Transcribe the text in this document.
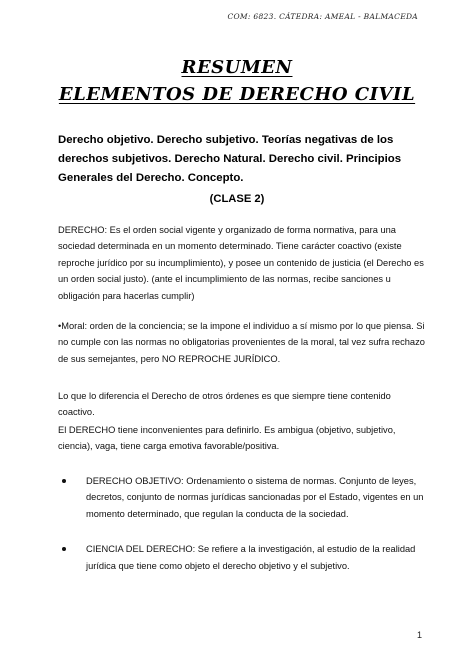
COM: 6823. CÁTEDRA: AMEAL - BALMACEDA
RESUMEN
ELEMENTOS DE DERECHO CIVIL
Derecho objetivo. Derecho subjetivo. Teorías negativas de los derechos subjetivos. Derecho Natural. Derecho civil. Principios Generales del Derecho. Concepto.
(CLASE 2)
DERECHO: Es el orden social vigente y organizado de forma normativa, para una sociedad determinada en un momento determinado. Tiene carácter coactivo (existe reproche jurídico por su incumplimiento), y posee un contenido de justicia (el Derecho es un orden social justo). (ante el incumplimiento de las normas, recibe sanciones u obligación para hacerlas cumplir)
•Moral: orden de la conciencia; se la impone el individuo a sí mismo por lo que piensa. Si no cumple con las normas no obligatorias provenientes de la moral, tal vez sufra rechazo de sus semejantes, pero NO REPROCHE JURÍDICO.
Lo que lo diferencia el Derecho de otros órdenes es que siempre tiene contenido coactivo.
El DERECHO tiene inconvenientes para definirlo. Es ambigua (objetivo, subjetivo, ciencia), vaga, tiene carga emotiva favorable/positiva.
DERECHO OBJETIVO: Ordenamiento o sistema de normas. Conjunto de leyes, decretos, conjunto de normas jurídicas sancionadas por el Estado, vigentes en un momento determinado, que regulan la conducta de la sociedad.
CIENCIA DEL DERECHO: Se refiere a la investigación, al estudio de la realidad jurídica que tiene como objeto el derecho objetivo y el subjetivo.
1
